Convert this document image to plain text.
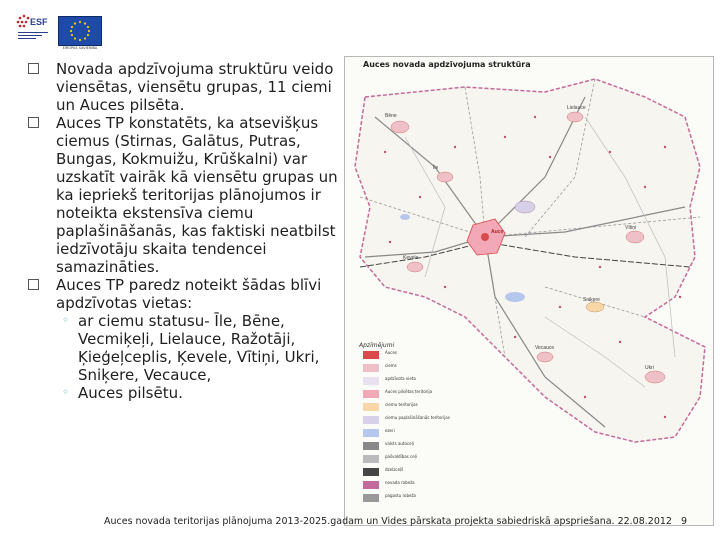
ESF
EIROPAS SAVIENĪBA
Novada apdzīvojuma struktūru veido viensētas, viensētu grupas, 11 ciemi un Auces pilsēta.
Auces TP konstatēts, ka atsevišķus ciemus (Stirnas, Galātus, Putras, Bungas, Kokmuižu, Krūškalni) var uzskatīt vairāk kā viensētu grupas un ka iepriekš teritorijas plānojumos ir noteikta ekstensīva ciemu paplašināšanās, kas faktiski neatbilst iedzīvotāju skaita tendencei samazināties.
Auces TP paredz noteikt šādas blīvi apdzīvotas vietas:
◦ ar ciemu statusu- Īle, Bēne, Vecmiķeļi, Lielauce, Ražotāji, Ķieģeļceplis, Ķevele, Vītiņi, Ukri, Sniķere, Vecauce,
◦ Auces pilsētu.
Auces novada apdzīvojuma struktūra
Bēne
Īle
Lielauce
Vītiņi
Ukri
Vecauce
Ķevele
Auce
Sniķere
Apzīmējumi
Auces
ciems
apdzīvota vieta
Auces pilsētas teritorija
ciemu teritorijas
ciemu paplašināšanās teritorijas
ezeri
valsts autoceļi
pašvaldības ceļi
dzelzceļš
novada robeža
pagastu robeža
Auces novada teritorijas plānojuma 2013-2025.gadam un Vides pārskata projekta sabiedriskā apspriešana. 22.08.2012 9
